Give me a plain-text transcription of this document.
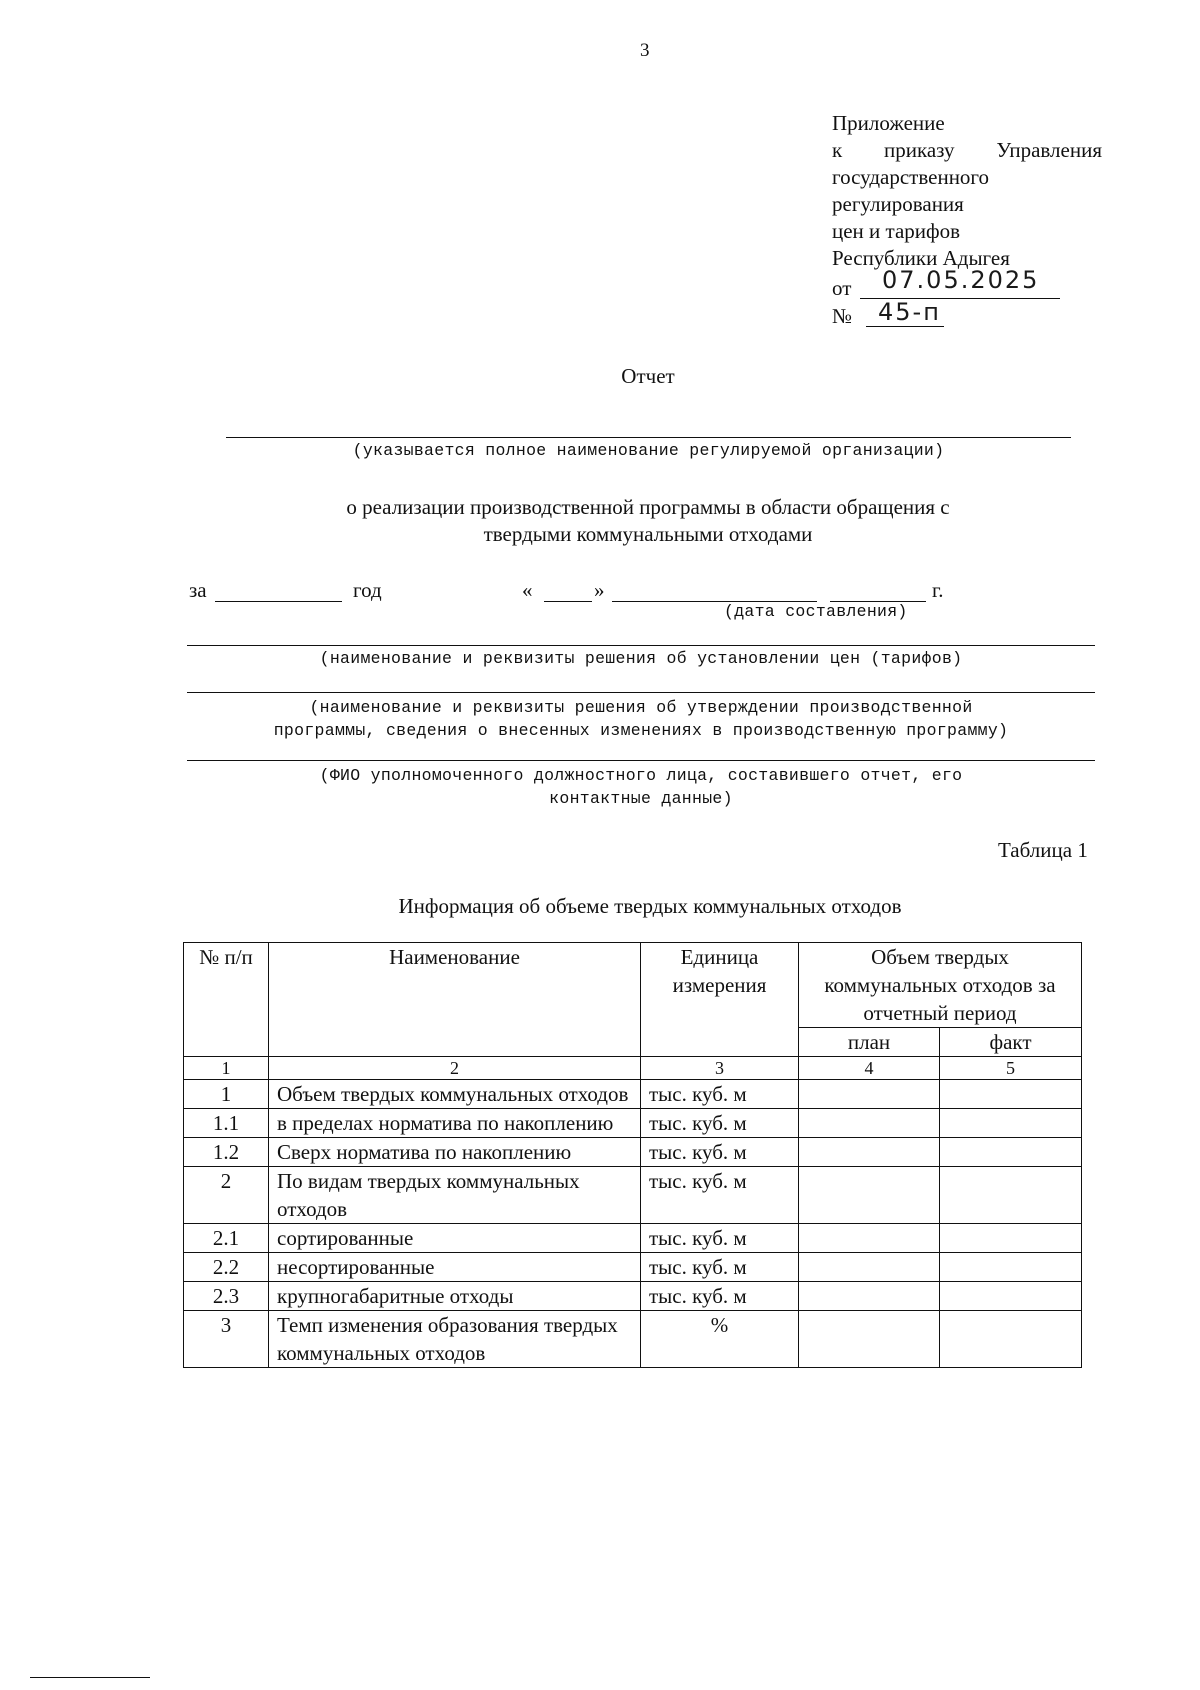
3
Приложение
к приказу Управления
государственного
регулирования
цен и тарифов
Республики Адыгея
от 07.05.2025
№ 45-п
Отчет
(указывается полное наименование регулируемой организации)
о реализации производственной программы в области обращения с
твердыми коммунальными отходами
за	год	«	»	г.
(дата составления)
(наименование и реквизиты решения об установлении цен (тарифов)
(наименование и реквизиты решения об утверждении производственной
программы, сведения о внесенных изменениях в производственную программу)
(ФИО уполномоченного должностного лица, составившего отчет, его
контактные данные)
Таблица 1
Информация об объеме твердых коммунальных отходов
№ п/п	Наименование	Единица измерения	Объем твердых коммунальных отходов за отчетный период	
			план	факт
1	2	3	4	5
1	Объем твердых коммунальных отходов	тыс. куб. м		
1.1	в пределах норматива по накоплению	тыс. куб. м		
1.2	Сверх норматива по накоплению	тыс. куб. м		
2	По видам твердых коммунальных отходов	тыс. куб. м		
2.1	сортированные	тыс. куб. м		
2.2	несортированные	тыс. куб. м		
2.3	крупногабаритные отходы	тыс. куб. м		
3	Темп изменения образования твердых коммунальных отходов	%		
